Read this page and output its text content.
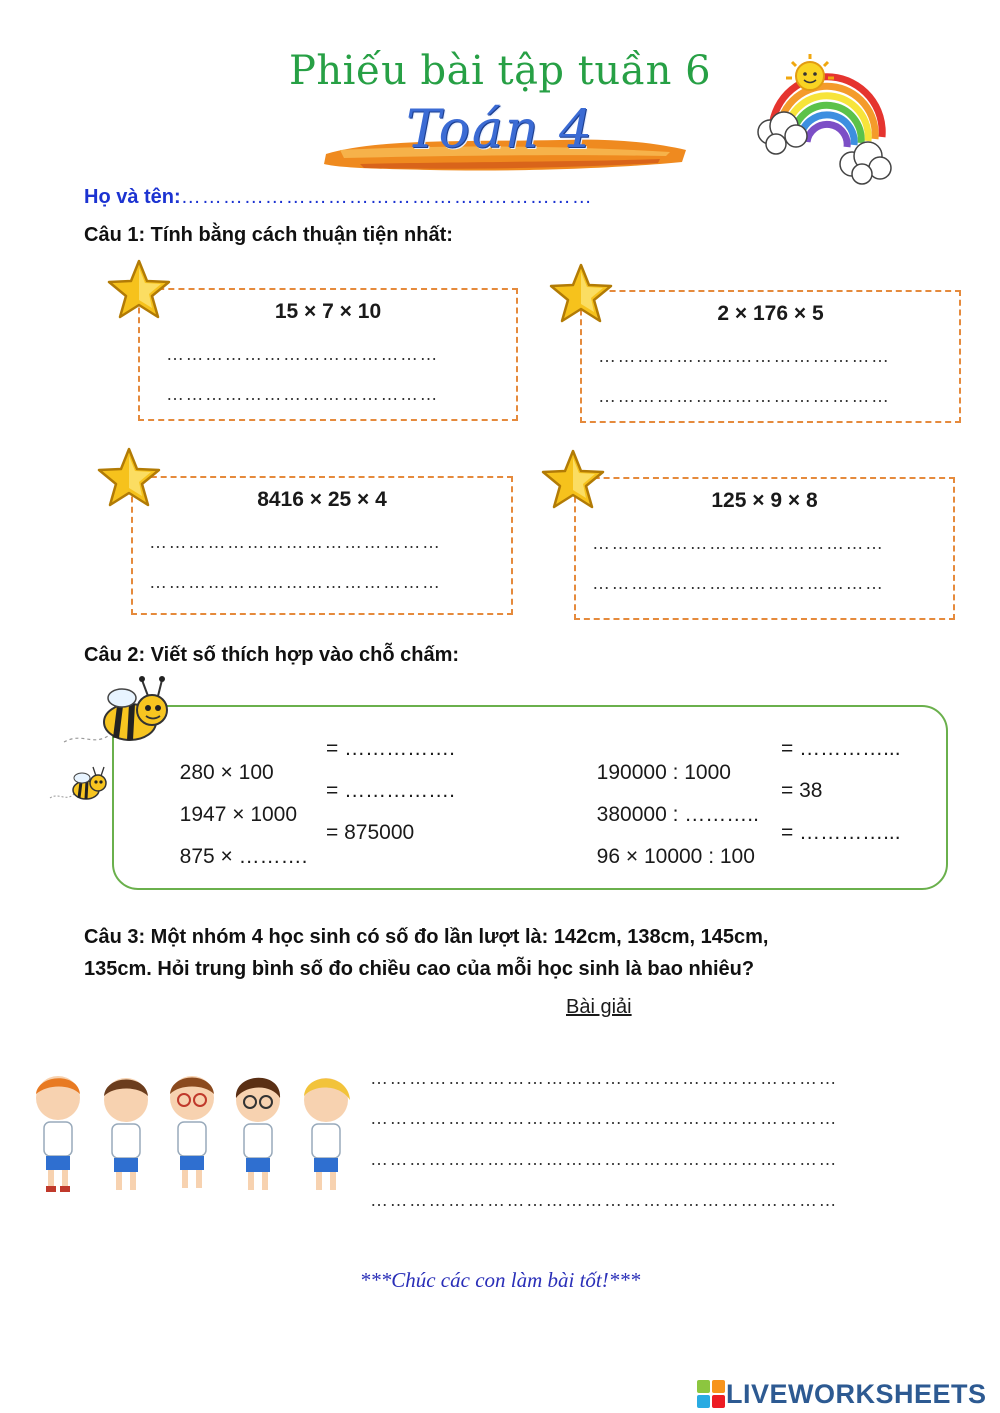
Phiếu bài tập tuần 6
Toán 4
Họ và tên:……………………………………..……………
Câu 1: Tính bằng cách thuận tiện nhất:
15 × 7 × 10
……………………………………
……………………………………
2 × 176 × 5
………………………………………
………………………………………
8416 × 25 × 4
………………………………………
………………………………………
125 × 9 × 8
………………………………………
………………………………………
Câu 2: Viết số thích hợp vào chỗ chấm:

280 × 100

= …………….

1947 × 1000

= …………….

875 × ……….

= 875000

190000 : 1000

= …………...

380000 : ………..

= 38

96 × 10000 : 100

= …………...

Câu 3: Một nhóm 4 học sinh có số đo lần lượt là: 142cm, 138cm, 145cm,
135cm. Hỏi trung bình số đo chiều cao của mỗi học sinh là bao nhiêu?
Bài giải
………………………………………………………………
………………………………………………………………
………………………………………………………………
………………………………………………………………
***Chúc các con làm bài tốt!***
LIVEWORKSHEETS
